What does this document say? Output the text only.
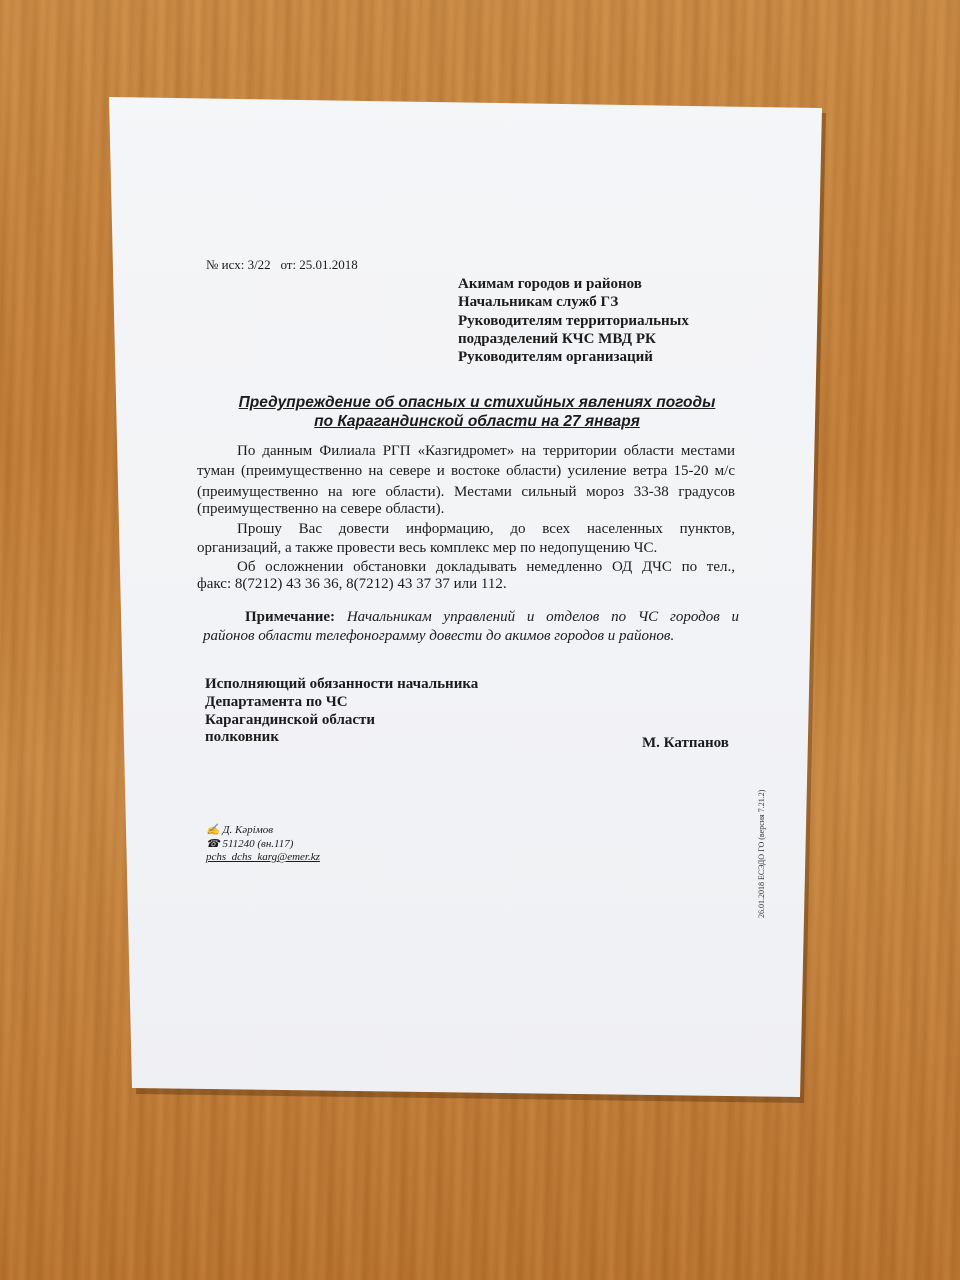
№ исх: 3/22 от: 25.01.2018

Акимам городов и районов

Начальникам служб ГЗ

Руководителям территориальных

подразделений КЧС МВД РК

Руководителям организаций

Предупреждение об опасных и стихийных явлениях погоды

по Карагандинской области на 27 января

По данным Филиала РГП «Казгидромет» на территории области местами

туман (преимущественно на севере и востоке области) усиление ветра 15-20 м/с

(преимущественно на юге области). Местами сильный мороз 33-38 градусов

(преимущественно на севере области).

Прошу Вас довести информацию, до всех населенных пунктов,

организаций, а также провести весь комплекс мер по недопущению ЧС.

Об осложнении обстановки докладывать немедленно ОД ДЧС по тел.,

факс: 8(7212) 43 36 36, 8(7212) 43 37 37 или 112.

Примечание: Начальникам управлений и отделов по ЧС городов и

районов области телефонограмму довести до акимов городов и районов.

Исполняющий обязанности начальника

Департамента по ЧС

Карагандинской области

полковник	М. Катпанов

✍ Д. Кәрімов

☎ 511240 (вн.117)

pchs_dchs_karg@emer.kz	26.01.2018 ЕСЭДО ГО (версия 7.21.2)
